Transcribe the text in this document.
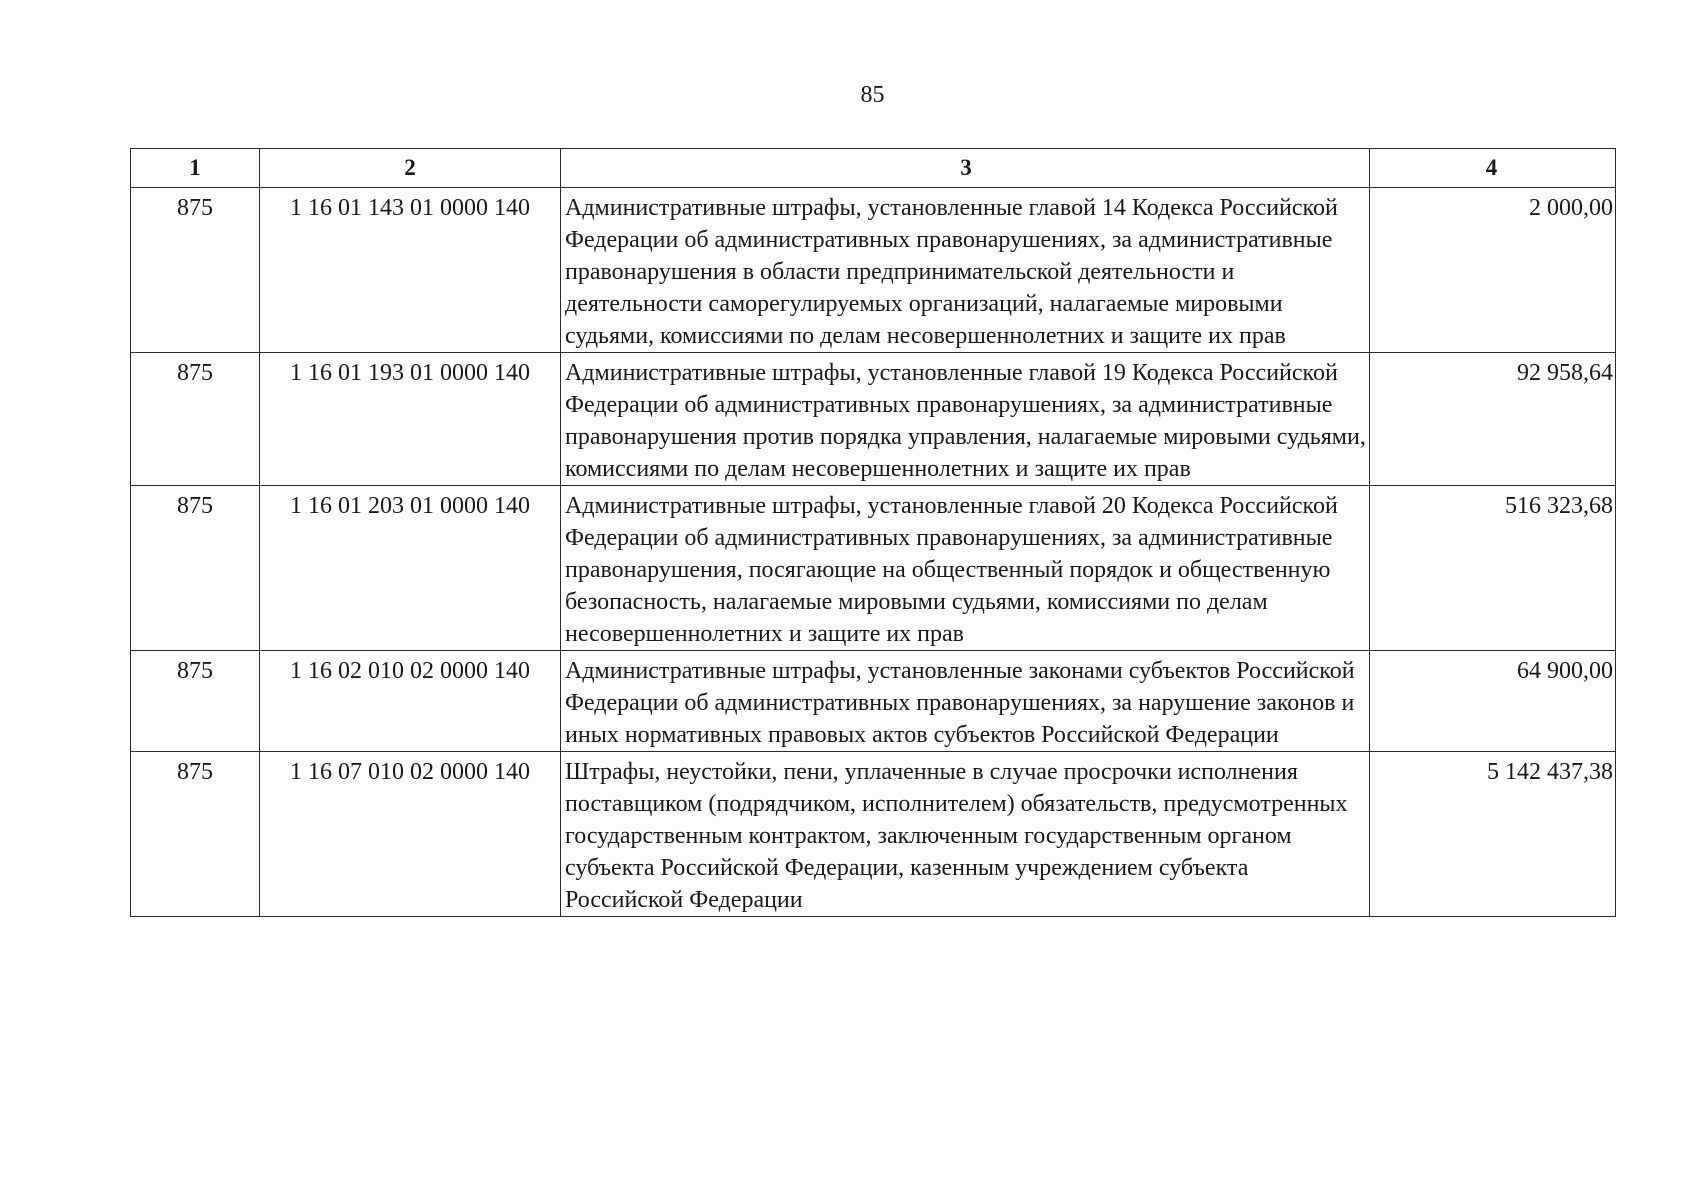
85
1	2	3	4
875	1 16 01 143 01 0000 140	Административные штрафы, установленные главой 14 Кодекса Российской Федерации об административных правонарушениях, за административные правонарушения в области предпринимательской деятельности и деятельности саморегулируемых организаций, налагаемые мировыми судьями, комиссиями по делам несовершеннолетних и защите их прав	2 000,00
875	1 16 01 193 01 0000 140	Административные штрафы, установленные главой 19 Кодекса Российской Федерации об административных правонарушениях, за административные правонарушения против порядка управления, налагаемые мировыми судьями, комиссиями по делам несовершеннолетних и защите их прав	92 958,64
875	1 16 01 203 01 0000 140	Административные штрафы, установленные главой 20 Кодекса Российской Федерации об административных правонарушениях, за административные правонарушения, посягающие на общественный порядок и общественную безопасность, налагаемые мировыми судьями, комиссиями по делам несовершеннолетних и защите их прав	516 323,68
875	1 16 02 010 02 0000 140	Административные штрафы, установленные законами субъектов Российской Федерации об административных правонарушениях, за нарушение законов и иных нормативных правовых актов субъектов Российской Федерации	64 900,00
875	1 16 07 010 02 0000 140	Штрафы, неустойки, пени, уплаченные в случае просрочки исполнения поставщиком (подрядчиком, исполнителем) обязательств, предусмотренных государственным контрактом, заключенным государственным органом субъекта Российской Федерации, казенным учреждением субъекта Российской Федерации	5 142 437,38
